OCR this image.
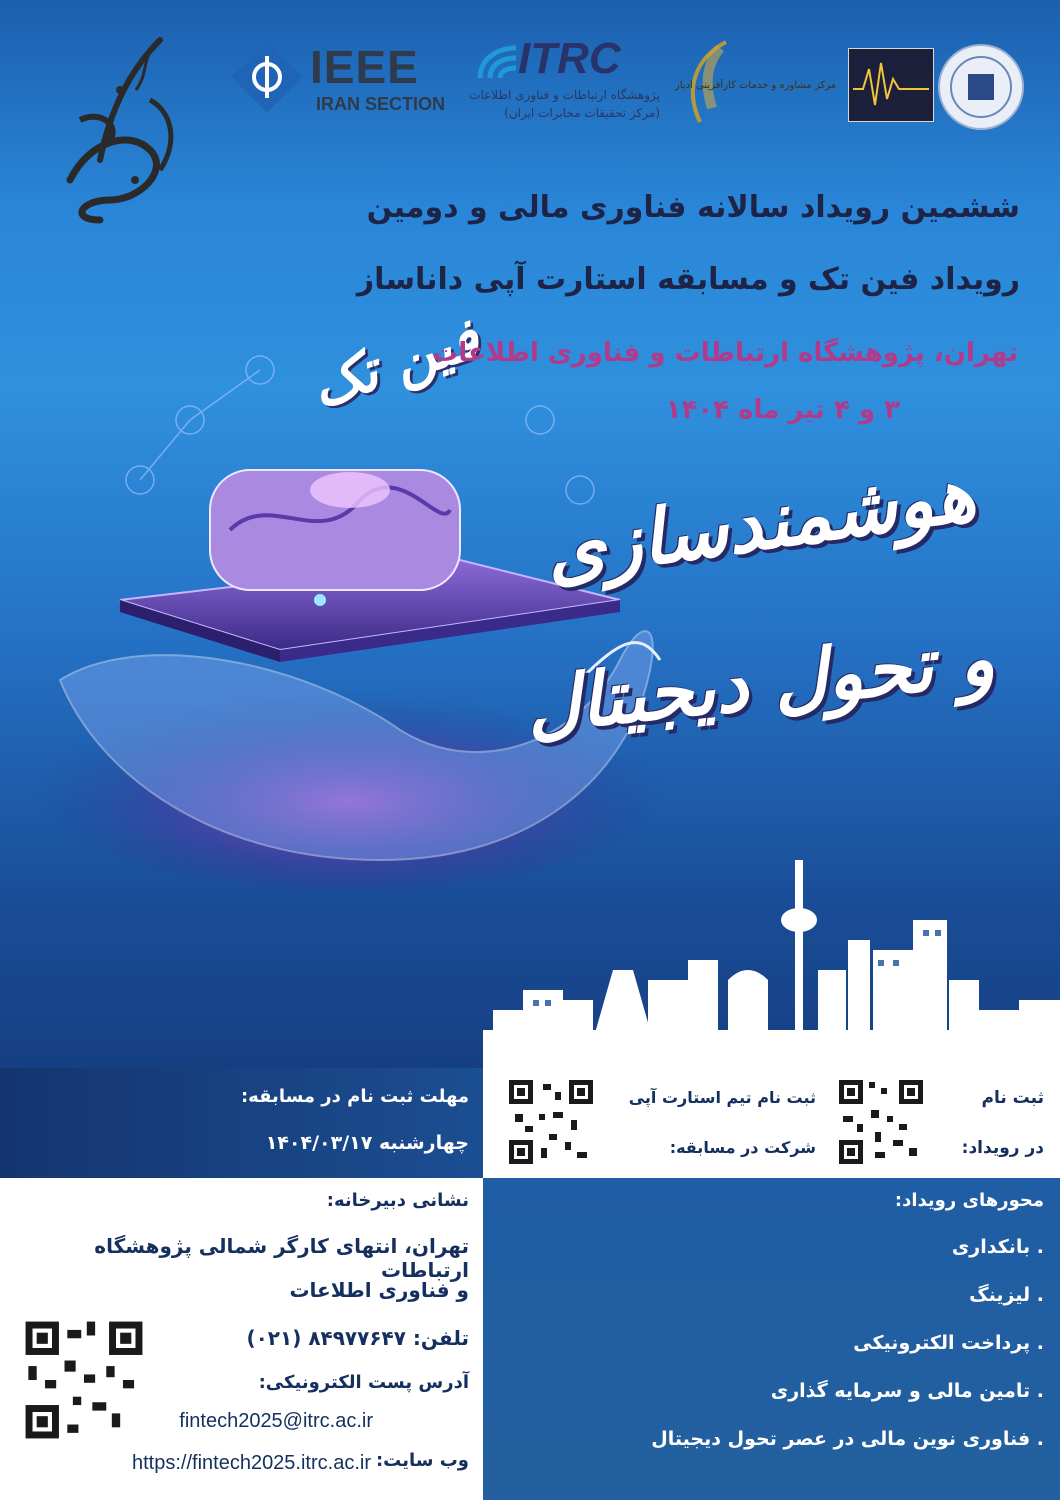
IEEE
IRAN SECTION
ITRC
پژوهشگاه ارتباطات و فناوری اطلاعات
(مرکز تحقیقات مخابرات ایران)
مرکز مشاوره و خدمات کارآفرینی ادیار
فین تک
ششمین رویداد سالانه فناوری مالی و دومین
رویداد فین تک و مسابقه استارت آپی داناساز
تهران، پژوهشگاه ارتباطات و فناوری اطلاعات
۳ و ۴ تیر ماه ۱۴۰۴
هوشمندسازی
و تحول دیجیتال
مهلت ثبت نام در مسابقه:
چهارشنبه ۱۴۰۴/۰۳/۱۷
ثبت نام
در رویداد:
ثبت نام تیم استارت آپی
شرکت در مسابقه:
نشانی دبیرخانه:
تهران، انتهای کارگر شمالی پژوهشگاه ارتباطات
و فناوری اطلاعات
تلفن: ۸۴۹۷۷۶۴۷ (۰۲۱)
آدرس پست الکترونیکی:
fintech2025@itrc.ac.ir
وب سایت:
https://fintech2025.itrc.ac.ir
محورهای رویداد:
. بانکداری
. لیزینگ
. پرداخت الکترونیکی
. تامین مالی و سرمایه گذاری
. فناوری نوین مالی در عصر تحول دیجیتال
